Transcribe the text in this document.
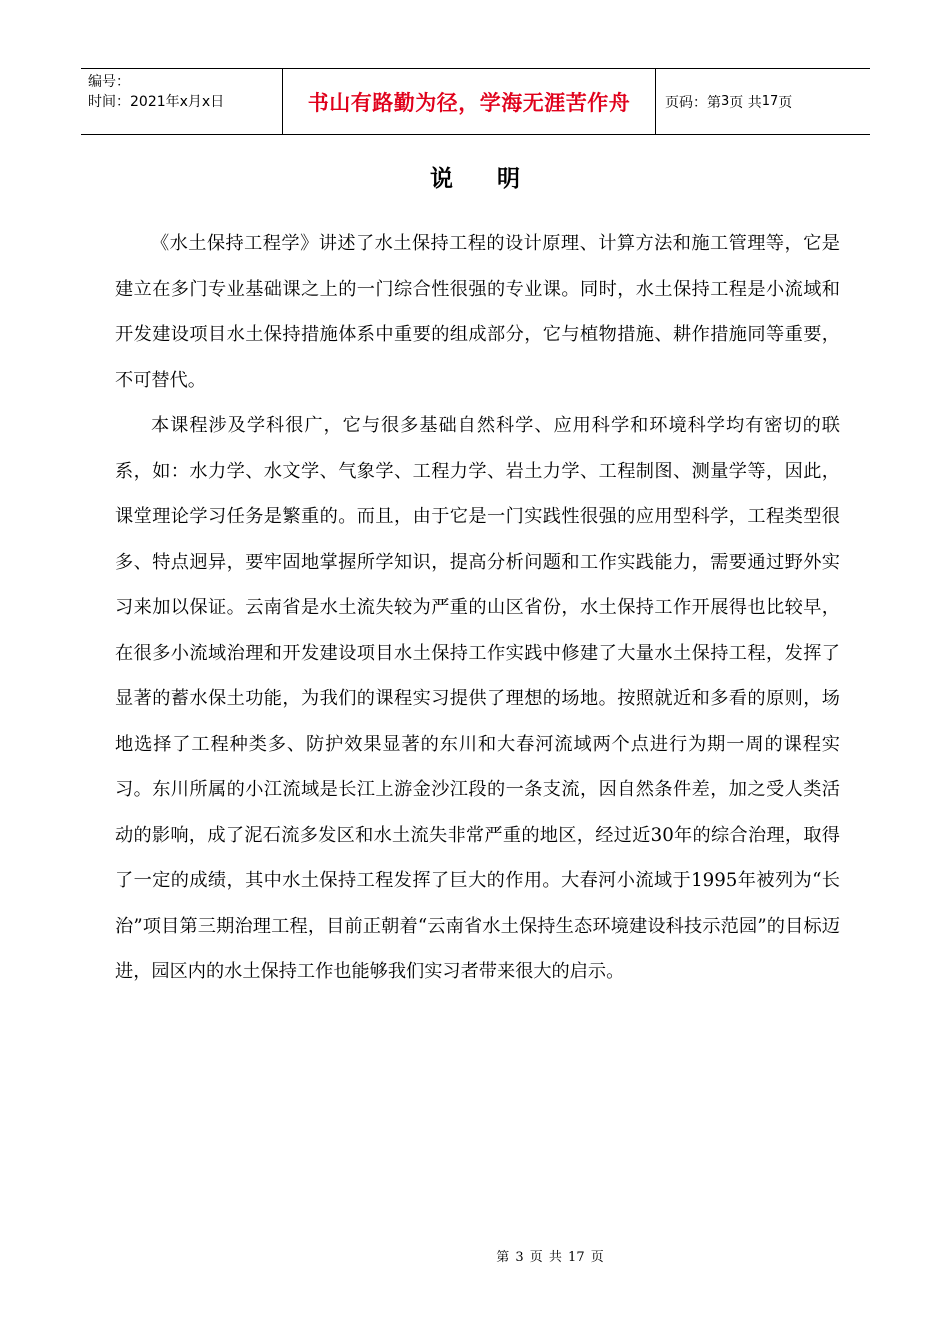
编号：
时间：2021年x月x日	书山有路勤为径，学海无涯苦作舟 页码：第 3 页 共 17 页
说明

《水土保持工程学》讲述了水土保持工程的设计原理、计算方法和施工管理等，它是建立在多门专业基础课之上的一门综合性很强的专业课。同时，水土保持工程是小流域和开发建设项目水土保持措施体系中重要的组成部分，它与植物措施、耕作措施同等重要，不可替代。

本课程涉及学科很广，它与很多基础自然科学、应用科学和环境科学均有密切的联系，如：水力学、水文学、气象学、工程力学、岩土力学、工程制图、测量学等，因此，课堂理论学习任务是繁重的。而且，由于它是一门实践性很强的应用型科学，工程类型很多、特点迥异，要牢固地掌握所学知识，提高分析问题和工作实践能力，需要通过野外实习来加以保证。云南省是水土流失较为严重的山区省份，水土保持工作开展得也比较早，在很多小流域治理和开发建设项目水土保持工作实践中修建了大量水土保持工程，发挥了显著的蓄水保土功能，为我们的课程实习提供了理想的场地。按照就近和多看的原则，场地选择了工程种类多、防护效果显著的东川和大春河流域两个点进行为期一周的课程实习。东川所属的小江流域是长江上游金沙江段的一条支流，因自然条件差，加之受人类活动的影响，成了泥石流多发区和水土流失非常严重的地区，经过近30年的综合治理，取得了一定的成绩，其中水土保持工程发挥了巨大的作用。大春河小流域于1995年被列为“长治”项目第三期治理工程，目前正朝着“云南省水土保持生态环境建设科技示范园”的目标迈进，园区内的水土保持工作也能够我们实习者带来很大的启示。

第 3 页 共 17 页
